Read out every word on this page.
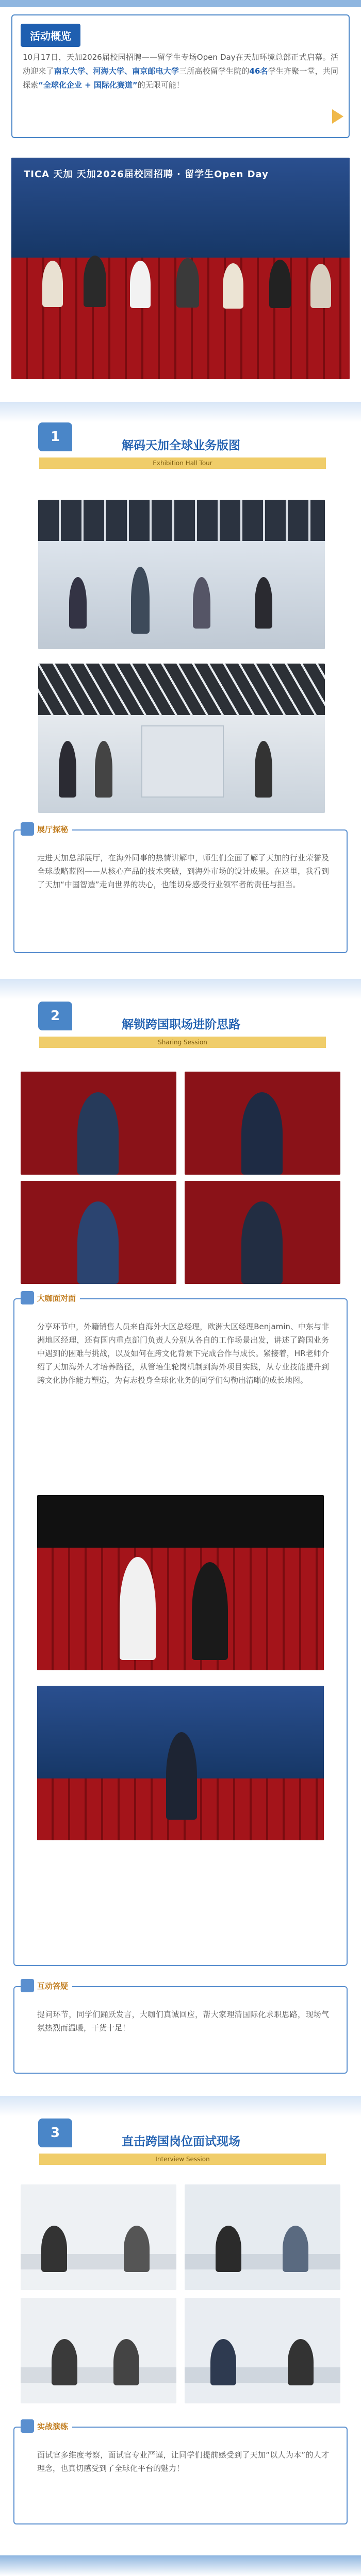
活动概览

10月17日，天加2026届校园招聘——留学生专场Open Day在天加环境总部正式启幕。活动迎来了南京大学、河海大学、南京邮电大学三所高校留学生院的46名学生齐聚一堂，共同探索“全球化企业 + 国际化赛道”的无限可能！

TICA 天加 天加2026届校园招聘 · 留学生Open Day
1
解码天加全球业务版图
Exhibition Hall Tour
展厅探秘

走进天加总部展厅，在海外同事的热情讲解中，师生们全面了解了天加的行业荣誉及全球战略蓝图——从核心产品的技术突破，到海外市场的设计成果。在这里，我看到了天加“中国智造”走向世界的决心，也能切身感受行业领军者的责任与担当。

2
解锁跨国职场进阶思路
Sharing Session
大咖面对面

分享环节中，外籍销售人员来自海外大区总经理，欧洲大区经理Benjamin、中东与非洲地区经理，还有国内重点部门负责人分别从各自的工作场景出发，讲述了跨国业务中遇到的困难与挑战，以及如何在跨文化背景下完成合作与成长。紧接着，HR老师介绍了天加海外人才培养路径，从管培生轮岗机制到海外项目实践，从专业技能提升到跨文化协作能力塑造，为有志投身全球化业务的同学们勾勒出清晰的成长地图。

互动答疑

提问环节，同学们踊跃发言，大咖们真诚回应，帮大家理清国际化求职思路，现场气氛热烈而温暖，干货十足！

3
直击跨国岗位面试现场
Interview Session
实战演练

面试官多维度考察，面试官专业严谨，让同学们提前感受到了天加“以人为本”的人才理念，也真切感受到了全球化平台的魅力！
